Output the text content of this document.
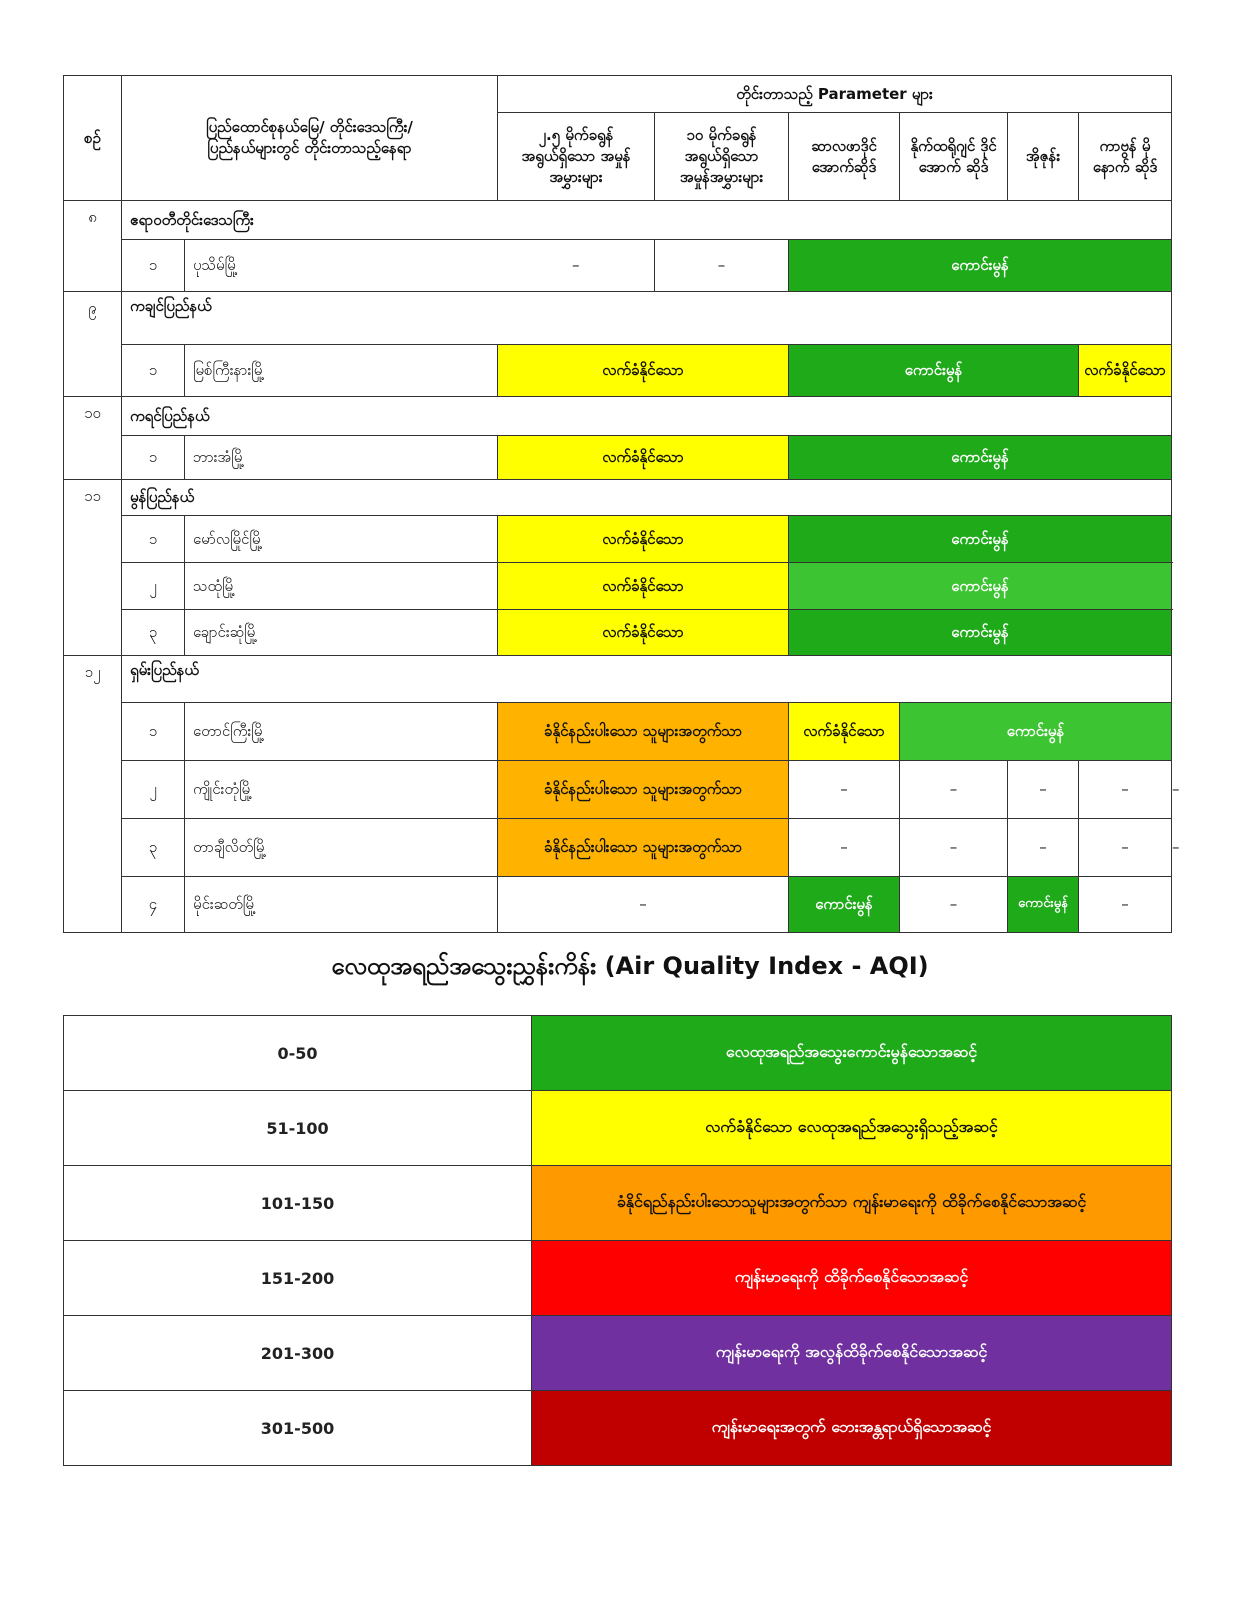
စဉ်	ပြည်ထောင်စုနယ်မြေ/ တိုင်းဒေသကြီး/ ပြည်နယ်များတွင် တိုင်းတာသည့်နေရာ		တိုင်းတာသည့် Parameter များ						
			၂.၅ မိုက်ခရွန် အရွယ်ရှိသော အမှုန်အမွှားများ	၁၀ မိုက်ခရွန် အရွယ်ရှိသော အမှုန်အမွှားများ	ဆာလဖာဒိုင် အောက်ဆိုဒ်	နိုက်ထရိုဂျင် ဒိုင်အောက် ဆိုဒ်	အိုဇုန်း	ကာဗွန် မိုနောက် ဆိုဒ်	
၈	ဧရာဝတီတိုင်းဒေသကြီး								
	၁	ပုသိမ်မြို့	–	–	ကောင်းမွန်				
၉	ကချင်ပြည်နယ်								
	၁	မြစ်ကြီးနားမြို့	လက်ခံနိုင်သော		ကောင်းမွန်			လက်ခံနိုင်သော	
၁၀	ကရင်ပြည်နယ်								
	၁	ဘားအံမြို့	လက်ခံနိုင်သော		ကောင်းမွန်				
၁၁	မွန်ပြည်နယ်								
	၁	မော်လမြိုင်မြို့	လက်ခံနိုင်သော		ကောင်းမွန်				
	၂	သထုံမြို့	လက်ခံနိုင်သော		ကောင်းမွန်				
	၃	ချောင်းဆုံမြို့	လက်ခံနိုင်သော		ကောင်းမွန်				
၁၂	ရှမ်းပြည်နယ်								
	၁	တောင်ကြီးမြို့	ခံနိုင်နည်းပါးသော သူများအတွက်သာ		လက်ခံနိုင်သော	ကောင်းမွန်			
	၂	ကျိုင်းတုံမြို့	ခံနိုင်နည်းပါးသော သူများအတွက်သာ		–	–	–	–	–
	၃	တာချီလိတ်မြို့	ခံနိုင်နည်းပါးသော သူများအတွက်သာ		–	–	–	–	–
	၄	မိုင်းဆတ်မြို့	–		ကောင်းမွန်	–	ကောင်းမွန်	–	ကောင်းမွန်
လေထုအရည်အသွေးညွှန်းကိန်း (Air Quality Index - AQI)
0-50	လေထုအရည်အသွေးကောင်းမွန်သောအဆင့်
51-100	လက်ခံနိုင်သော လေထုအရည်အသွေးရှိသည့်အဆင့်
101-150	ခံနိုင်ရည်နည်းပါးသောသူများအတွက်သာ ကျန်းမာရေးကို ထိခိုက်စေနိုင်သောအဆင့်
151-200	ကျန်းမာရေးကို ထိခိုက်စေနိုင်သောအဆင့်
201-300	ကျန်းမာရေးကို အလွန်ထိခိုက်စေနိုင်သောအဆင့်
301-500	ကျန်းမာရေးအတွက် ဘေးအန္တရာယ်ရှိသောအဆင့်
